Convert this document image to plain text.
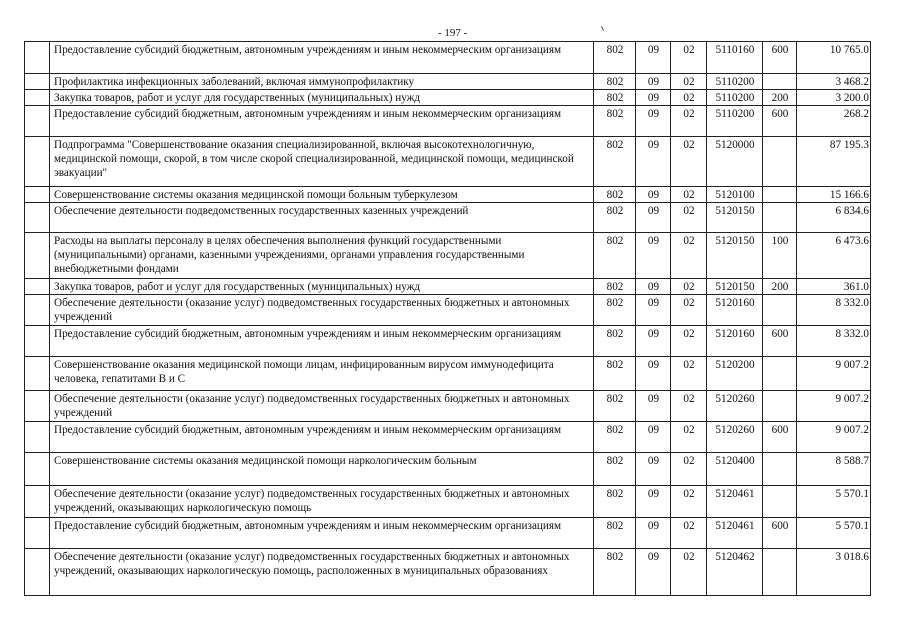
- 197 -
	Предоставление субсидий бюджетным, автономным учреждениям и иным некоммерческим организациям	802	09	02	5110160	600	10 765.0
	Профилактика инфекционных заболеваний, включая иммунопрофилактику	802	09	02	5110200		3 468.2
	Закупка товаров, работ и услуг для государственных (муниципальных) нужд	802	09	02	5110200	200	3 200.0
	Предоставление субсидий бюджетным, автономным учреждениям и иным некоммерческим организациям	802	09	02	5110200	600	268.2
	Подпрограмма "Совершенствование оказания специализированной, включая высокотехнологичную, медицинской помощи, скорой, в том числе скорой специализированной, медицинской помощи, медицинской эвакуации"	802	09	02	5120000		87 195.3
	Совершенствование системы оказания медицинской помощи больным туберкулезом	802	09	02	5120100		15 166.6
	Обеспечение деятельности подведомственных государственных казенных учреждений	802	09	02	5120150		6 834.6
	Расходы на выплаты персоналу в целях обеспечения выполнения функций государственными (муниципальными) органами, казенными учреждениями, органами управления государственными внебюджетными фондами	802	09	02	5120150	100	6 473.6
	Закупка товаров, работ и услуг для государственных (муниципальных) нужд	802	09	02	5120150	200	361.0
	Обеспечение деятельности (оказание услуг) подведомственных государственных бюджетных и автономных учреждений	802	09	02	5120160		8 332.0
	Предоставление субсидий бюджетным, автономным учреждениям и иным некоммерческим организациям	802	09	02	5120160	600	8 332.0
	Совершенствование оказания медицинской помощи лицам, инфицированным вирусом иммунодефицита человека, гепатитами В и С	802	09	02	5120200		9 007.2
	Обеспечение деятельности (оказание услуг) подведомственных государственных бюджетных и автономных учреждений	802	09	02	5120260		9 007.2
	Предоставление субсидий бюджетным, автономным учреждениям и иным некоммерческим организациям	802	09	02	5120260	600	9 007.2
	Совершенствование системы оказания медицинской помощи наркологическим больным	802	09	02	5120400		8 588.7
	Обеспечение деятельности (оказание услуг) подведомственных государственных бюджетных и автономных учреждений, оказывающих наркологическую помощь	802	09	02	5120461		5 570.1
	Предоставление субсидий бюджетным, автономным учреждениям и иным некоммерческим организациям	802	09	02	5120461	600	5 570.1
	Обеспечение деятельности (оказание услуг) подведомственных государственных бюджетных и автономных учреждений, оказывающих наркологическую помощь, расположенных в муниципальных образованиях	802	09	02	5120462		3 018.6
